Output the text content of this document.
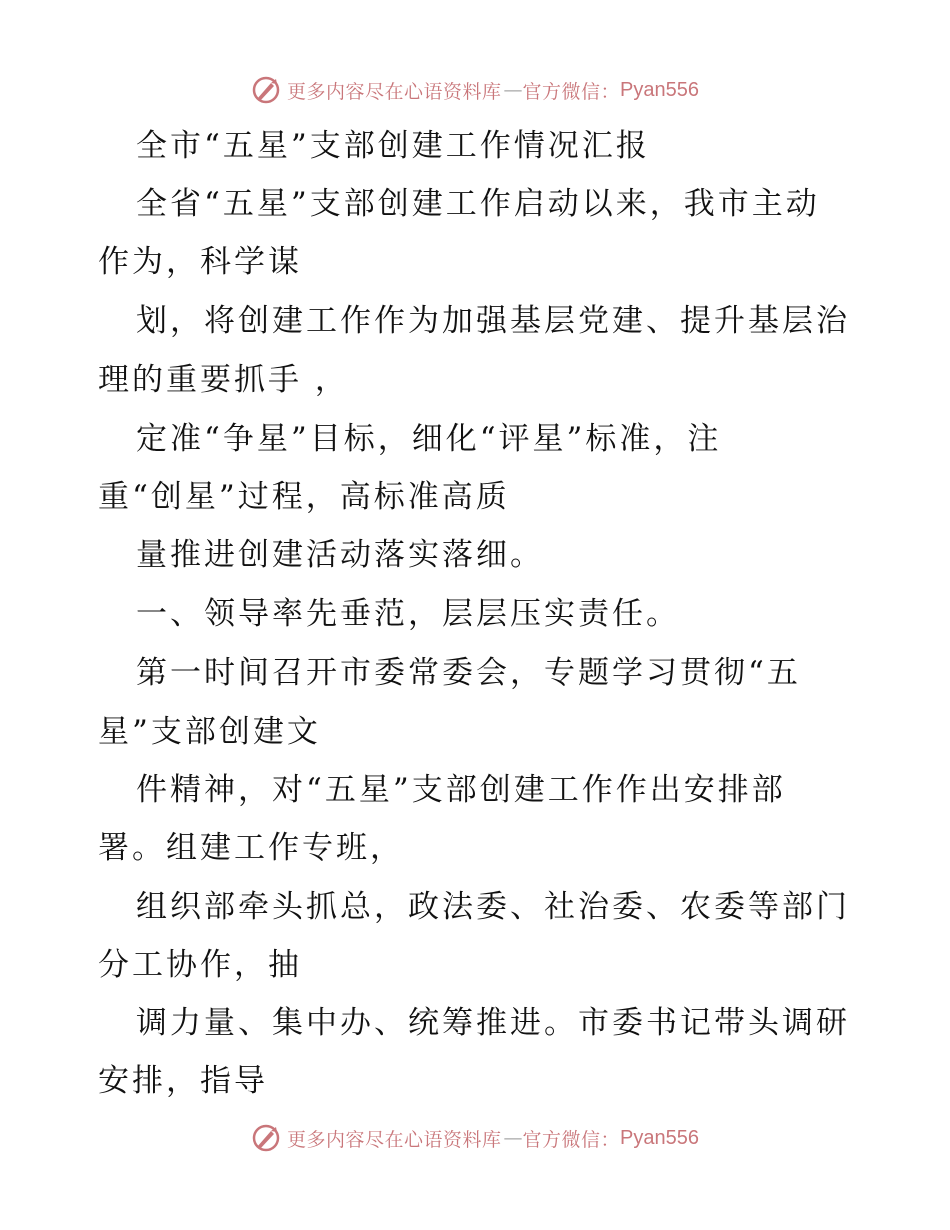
更多内容尽在心语资料库 — 官方微信： Pyan556
全市“五星”支部创建工作情况汇报
全省“五星”支部创建工作启动以来，我市主动
作为，科学谋
划，将创建工作作为加强基层党建、提升基层治
理的重要抓手 ，
定准“争星”目标，细化“评星”标准，注
重“创星”过程，高标准高质
量推进创建活动落实落细。
一、领导率先垂范，层层压实责任。
第一时间召开市委常委会，专题学习贯彻“五
星”支部创建文
件精神，对“五星”支部创建工作作出安排部
署。组建工作专班，
组织部牵头抓总，政法委、社治委、农委等部门
分工协作，抽
调力量、集中办、统筹推进。市委书记带头调研
安排，指导
更多内容尽在心语资料库 — 官方微信： Pyan556
